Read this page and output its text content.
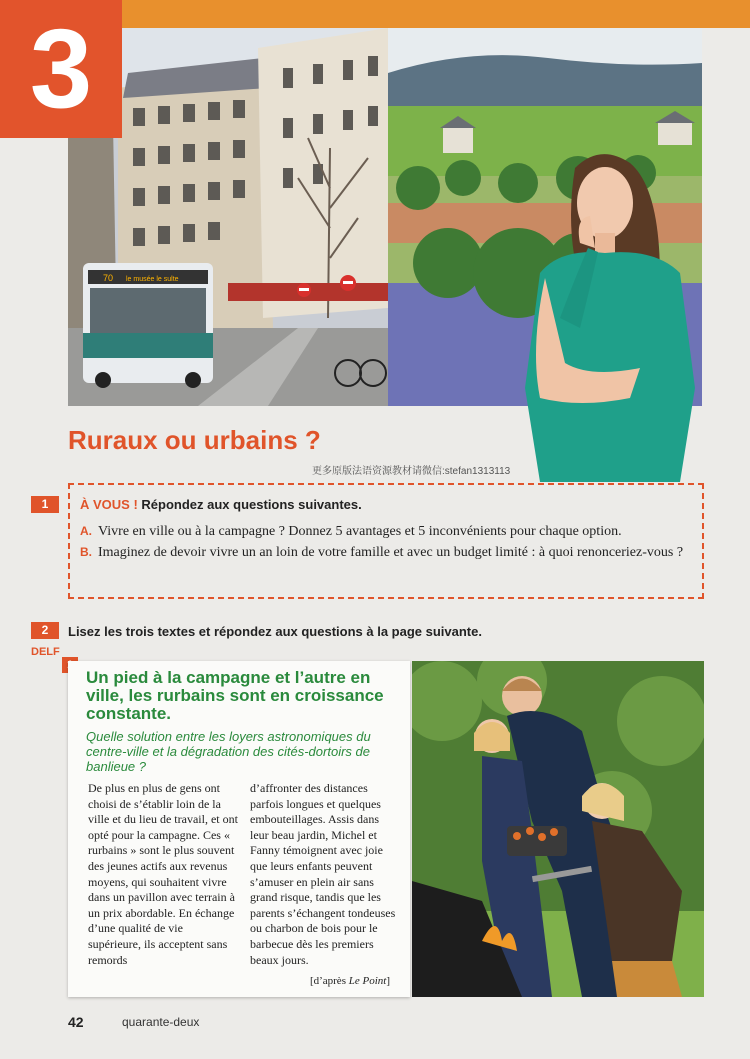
70 le musée le sulte
3
Ruraux ou urbains ?
更多原版法语资源教材请微信:stefan1313113
1	À VOUS ! Répondez aux questions suivantes.
A. Vivre en ville ou à la campagne ? Donnez 5 avantages et 5 inconvénients pour chaque option.
B. Imaginez de devoir vivre un an loin de votre famille et avec un budget limité : à quoi renonceriez-vous ?
2	Lisez les trois textes et répondez aux questions à la page suivante.
DELF
Un pied à la campagne et l’autre en ville, les rurbains sont en croissance constante.
Quelle solution entre les loyers astronomiques du centre-ville et la dégradation des cités-dortoirs de banlieue ?
De plus en plus de gens ont choisi de s’établir loin de la ville et du lieu de travail, et ont opté pour la campagne. Ces « rurbains » sont le plus souvent des jeunes actifs aux revenus moyens, qui souhaitent vivre dans un pavillon avec terrain à un prix abordable. En échange d’une qualité de vie supérieure, ils acceptent sans remords
d’affronter des distances parfois longues et quelques embouteillages. Assis dans leur beau jardin, Michel et Fanny témoignent avec joie que leurs enfants peuvent s’amuser en plein air sans grand risque, tandis que les parents s’échangent tondeuses ou charbon de bois pour le barbecue dès les premiers beaux jours.
[d’après Le Point]
42	quarante-deux
